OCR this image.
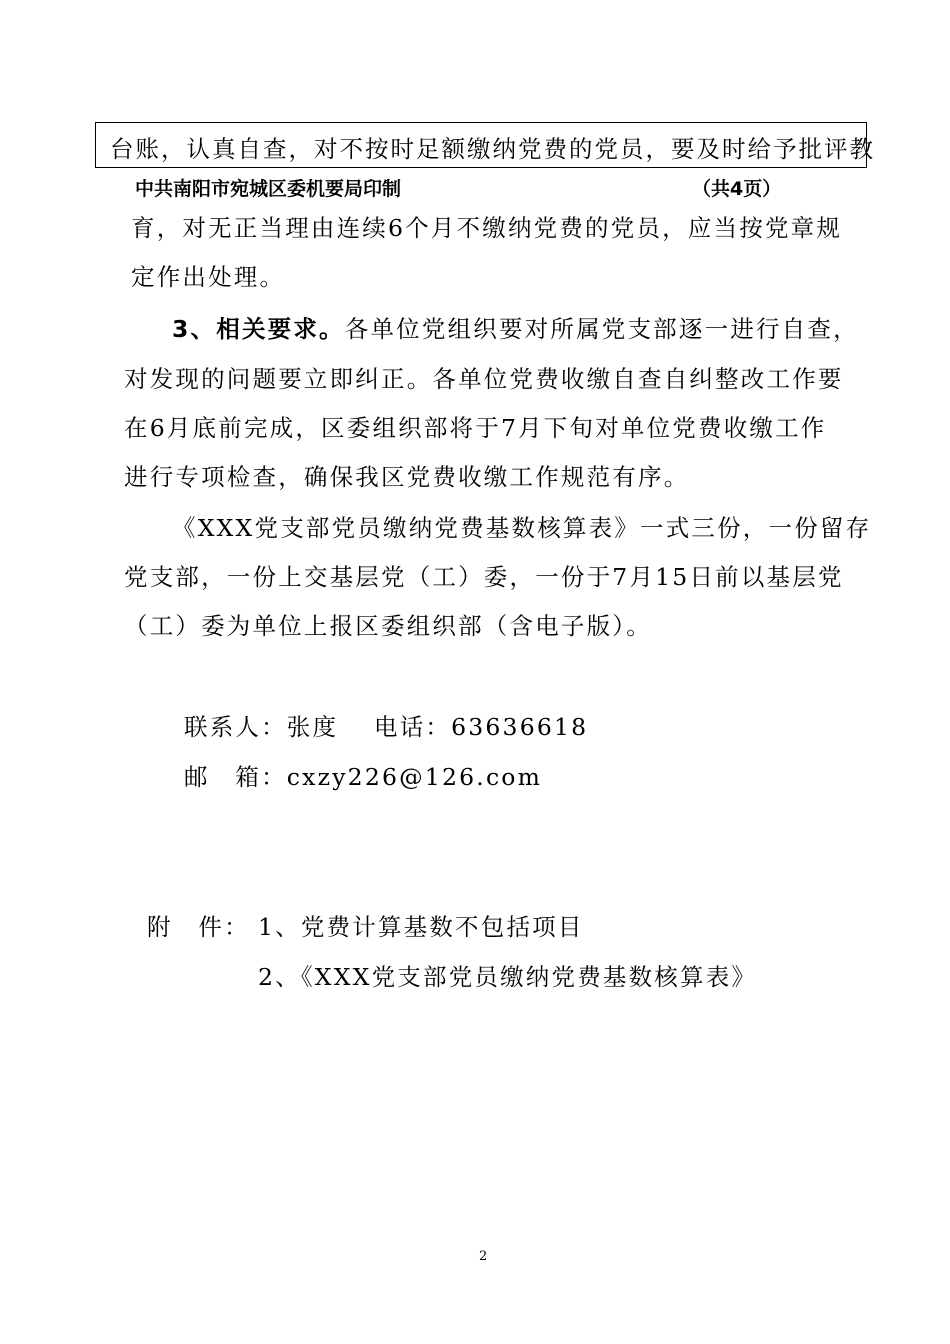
台账，认真自查，对不按时足额缴纳党费的党员，要及时给予批评教
中共南阳市宛城区委机要局印制	（共4页）
育，对无正当理由连续6个月不缴纳党费的党员，应当按党章规
定作出处理。
3、相关要求。各单位党组织要对所属党支部逐一进行自查，
对发现的问题要立即纠正。各单位党费收缴自查自纠整改工作要
在6月底前完成，区委组织部将于7月下旬对单位党费收缴工作
进行专项检查，确保我区党费收缴工作规范有序。
《XXX党支部党员缴纳党费基数核算表》一式三份，一份留存
党支部，一份上交基层党（工）委，一份于7月15日前以基层党
（工）委为单位上报区委组织部（含电子版）。
联系人：张度 电话：63636618
邮　箱：cxzy226@126.com
附　件： 1、党费计算基数不包括项目
2、《XXX党支部党员缴纳党费基数核算表》
2
